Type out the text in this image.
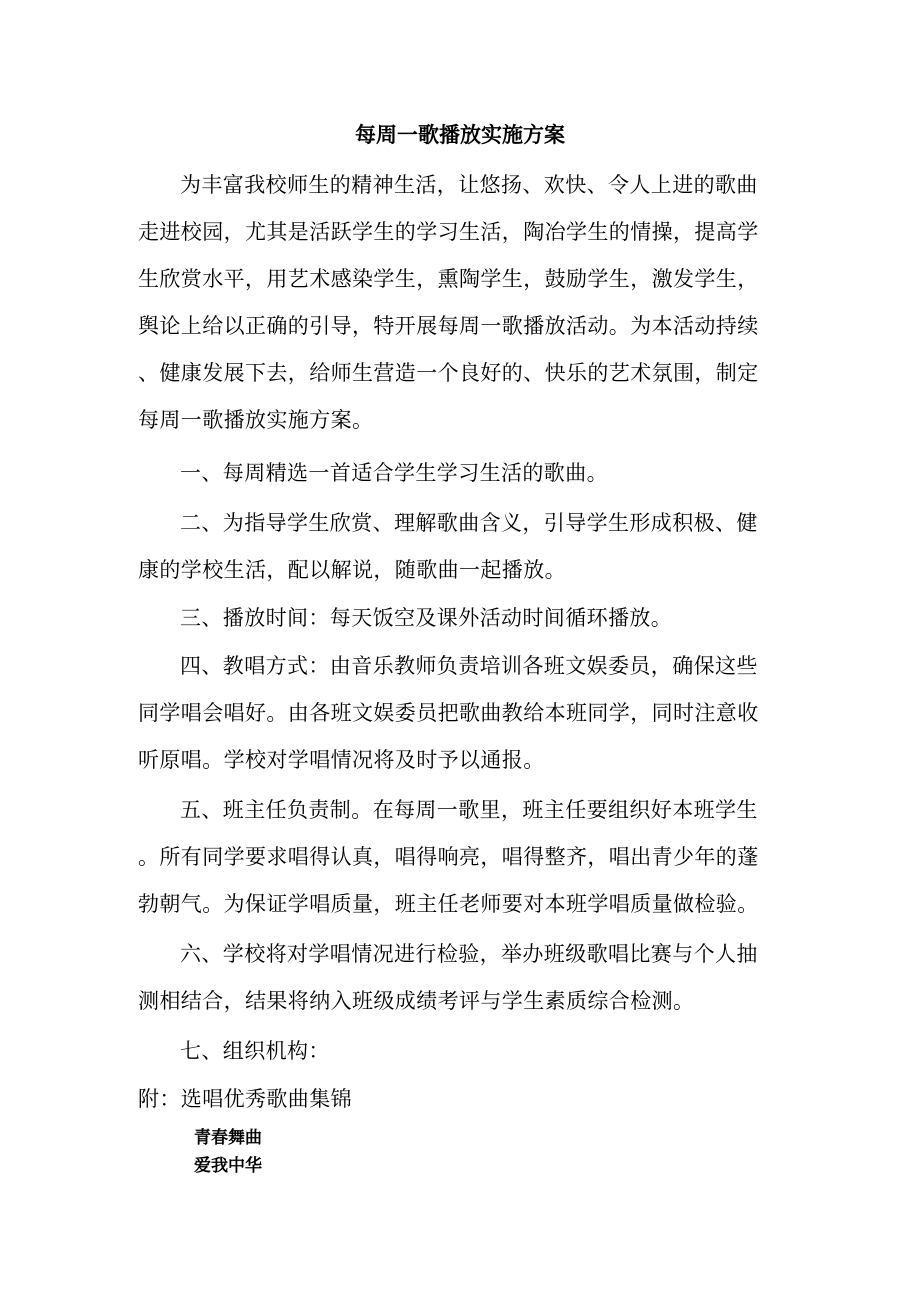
每周一歌播放实施方案
为丰富我校师生的精神生活，让悠扬、欢快、令人上进的歌曲
走进校园，尤其是活跃学生的学习生活，陶冶学生的情操，提高学
生欣赏水平，用艺术感染学生，熏陶学生，鼓励学生，激发学生，
舆论上给以正确的引导，特开展每周一歌播放活动。为本活动持续
、健康发展下去，给师生营造一个良好的、快乐的艺术氛围，制定
每周一歌播放实施方案。
一、每周精选一首适合学生学习生活的歌曲。
二、为指导学生欣赏、理解歌曲含义，引导学生形成积极、健
康的学校生活，配以解说，随歌曲一起播放。
三、播放时间：每天饭空及课外活动时间循环播放。
四、教唱方式：由音乐教师负责培训各班文娱委员，确保这些
同学唱会唱好。由各班文娱委员把歌曲教给本班同学，同时注意收
听原唱。学校对学唱情况将及时予以通报。
五、班主任负责制。在每周一歌里，班主任要组织好本班学生
。所有同学要求唱得认真，唱得响亮，唱得整齐，唱出青少年的蓬
勃朝气。为保证学唱质量，班主任老师要对本班学唱质量做检验。
六、学校将对学唱情况进行检验，举办班级歌唱比赛与个人抽
测相结合，结果将纳入班级成绩考评与学生素质综合检测。
七、组织机构：
附：选唱优秀歌曲集锦
青春舞曲
爱我中华
